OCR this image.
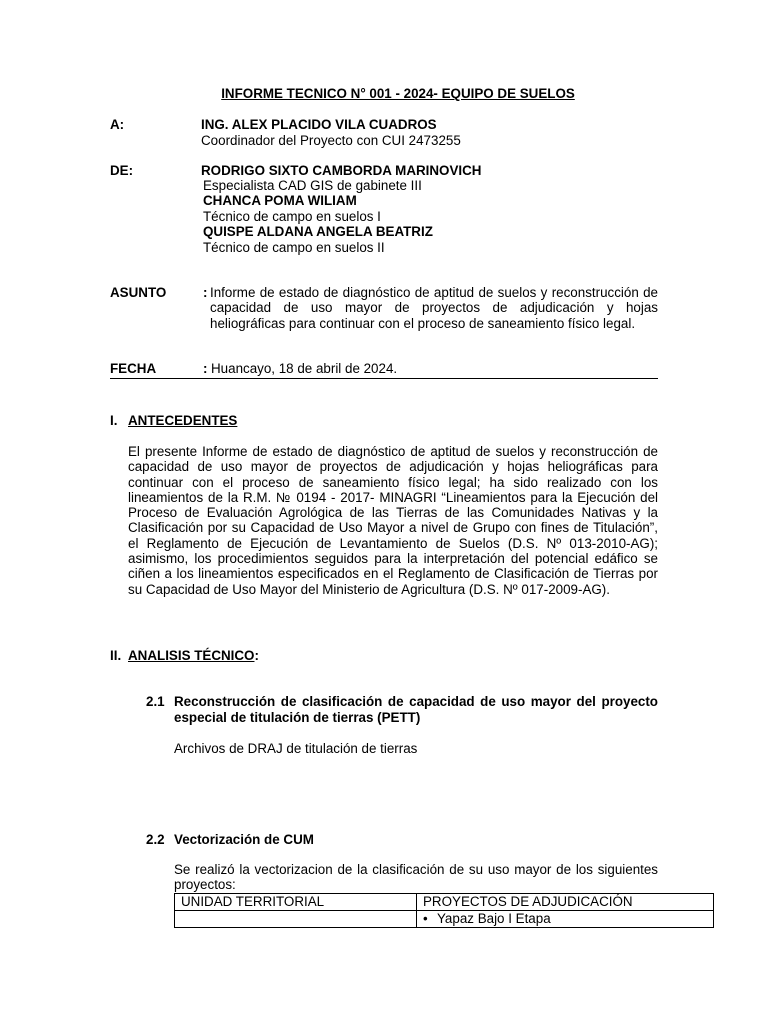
INFORME TECNICO N° 001 - 2024- EQUIPO DE SUELOS
A:	ING. ALEX PLACIDO VILA CUADROS
Coordinador del Proyecto con CUI 2473255
DE:	RODRIGO SIXTO CAMBORDA MARINOVICH
Especialista CAD GIS de gabinete III
CHANCA POMA WILIAM
Técnico de campo en suelos I
QUISPE ALDANA ANGELA BEATRIZ
Técnico de campo en suelos II
ASUNTO	: Informe de estado de diagnóstico de aptitud de suelos y reconstrucción de capacidad de uso mayor de proyectos de adjudicación y hojas heliográficas para continuar con el proceso de saneamiento físico legal.
FECHA	: Huancayo, 18 de abril de 2024.
I. ANTECEDENTES
El presente Informe de estado de diagnóstico de aptitud de suelos y reconstrucción de capacidad de uso mayor de proyectos de adjudicación y hojas heliográficas para continuar con el proceso de saneamiento físico legal; ha sido realizado con los lineamientos de la R.M. № 0194 - 2017- MINAGRI “Lineamientos para la Ejecución del Proceso de Evaluación Agrológica de las Tierras de las Comunidades Nativas y la Clasificación por su Capacidad de Uso Mayor a nivel de Grupo con fines de Titulación”, el Reglamento de Ejecución de Levantamiento de Suelos (D.S. Nº 013-2010-AG); asimismo, los procedimientos seguidos para la interpretación del potencial edáfico se ciñen a los lineamientos especificados en el Reglamento de Clasificación de Tierras por su Capacidad de Uso Mayor del Ministerio de Agricultura (D.S. Nº 017-2009-AG).
II. ANALISIS TÉCNICO:
2.1 Reconstrucción de clasificación de capacidad de uso mayor del proyecto especial de titulación de tierras (PETT)
Archivos de DRAJ de titulación de tierras
2.2 Vectorización de CUM
Se realizó la vectorizacion de la clasificación de su uso mayor de los siguientes proyectos:
UNIDAD TERRITORIAL	PROYECTOS DE ADJUDICACIÓN
	• Yapaz Bajo I Etapa
